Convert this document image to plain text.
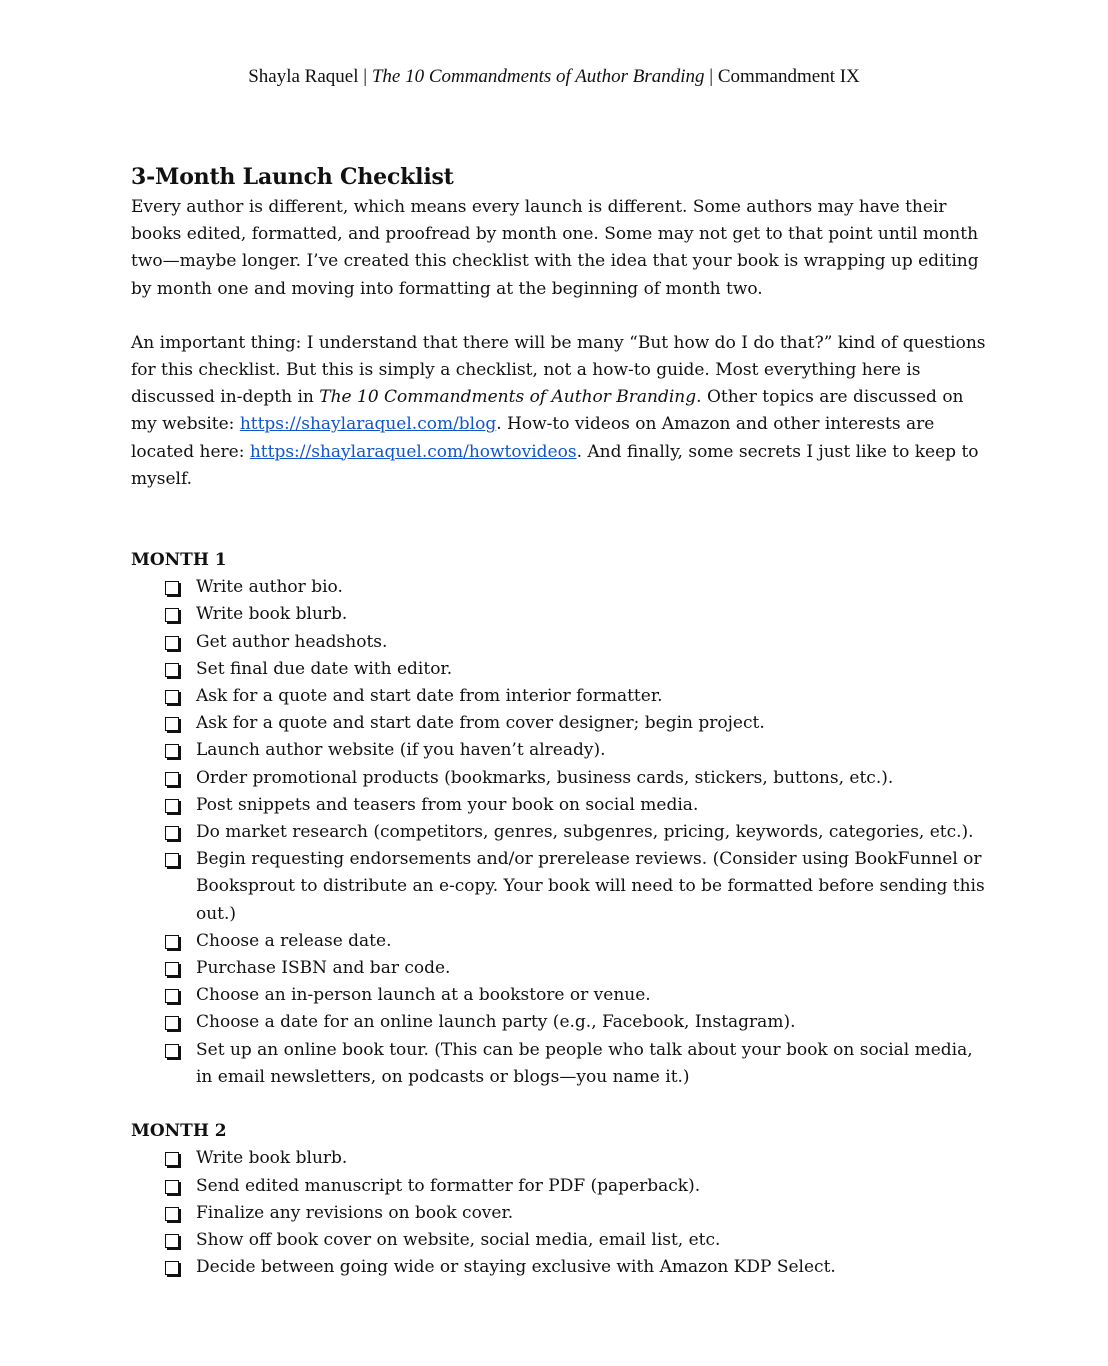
Shayla Raquel | The 10 Commandments of Author Branding | Commandment IX
3-Month Launch Checklist

Every author is different, which means every launch is different. Some authors may have their books edited, formatted, and proofread by month one. Some may not get to that point until month two—maybe longer. I’ve created this checklist with the idea that your book is wrapping up editing by month one and moving into formatting at the beginning of month two.

An important thing: I understand that there will be many “But how do I do that?” kind of questions for this checklist. But this is simply a checklist, not a how-to guide. Most everything here is discussed in-depth in The 10 Commandments of Author Branding. Other topics are discussed on my website: https://shaylaraquel.com/blog. How-to videos on Amazon and other interests are located here: https://shaylaraquel.com/howtovideos. And finally, some secrets I just like to keep to myself.

MONTH 1
Write author bio.
Write book blurb.
Get author headshots.
Set final due date with editor.
Ask for a quote and start date from interior formatter.
Ask for a quote and start date from cover designer; begin project.
Launch author website (if you haven’t already).
Order promotional products (bookmarks, business cards, stickers, buttons, etc.).
Post snippets and teasers from your book on social media.
Do market research (competitors, genres, subgenres, pricing, keywords, categories, etc.).
Begin requesting endorsements and/or prerelease reviews. (Consider using BookFunnel or Booksprout to distribute an e-copy. Your book will need to be formatted before sending this out.)
Choose a release date.
Purchase ISBN and bar code.
Choose an in-person launch at a bookstore or venue.
Choose a date for an online launch party (e.g., Facebook, Instagram).
Set up an online book tour. (This can be people who talk about your book on social media, in email newsletters, on podcasts or blogs—you name it.)
MONTH 2
Write book blurb.
Send edited manuscript to formatter for PDF (paperback).
Finalize any revisions on book cover.
Show off book cover on website, social media, email list, etc.
Decide between going wide or staying exclusive with Amazon KDP Select.
